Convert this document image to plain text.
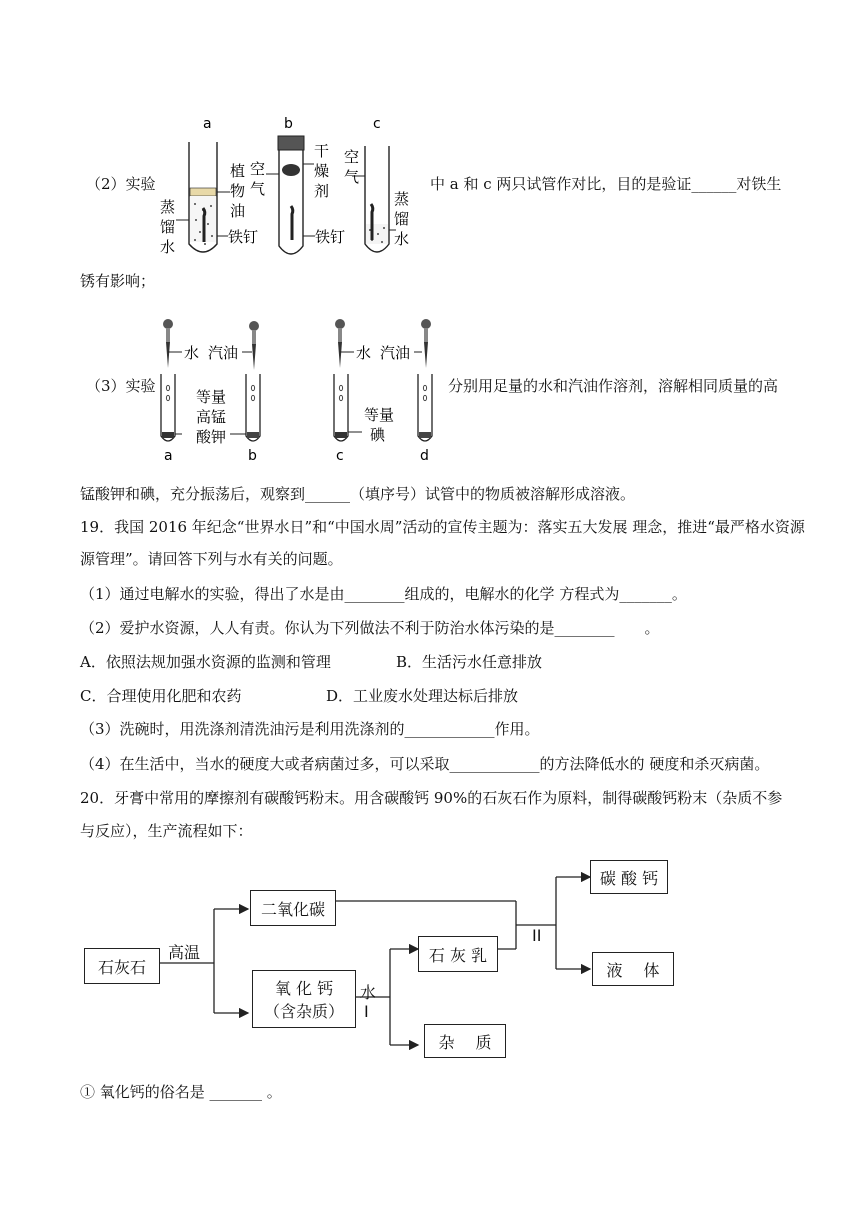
（2）实验
a
植
物
油
铁钉
蒸
馏
水
b
干
燥
剂
空
气
铁钉
c
空
气
蒸
馏
水
中 a 和 c 两只试管作对比，目的是验证______对铁生
锈有影响；
（3）实验
水 汽油
等量
高锰
酸钾
a	b
水 汽油
等量
碘
c	d
分别用足量的水和汽油作溶剂，溶解相同质量的高
锰酸钾和碘，充分振荡后，观察到______（填序号）试管中的物质被溶解形成溶液。
19．我国 2016 年纪念“世界水日”和“中国水周”活动的宣传主题为：落实五大发展 理念，推进“最严格水资源
源管理”。请回答下列与水有关的问题。
（1）通过电解水的实验，得出了水是由________组成的，电解水的化学 方程式为_______。
（2）爱护水资源，人人有责。你认为下列做法不利于防治水体污染的是________　　。
A．依照法规加强水资源的监测和管理	B．生活污水任意排放
C．合理使用化肥和农药	D．工业废水处理达标后排放
（3）洗碗时，用洗涤剂清洗油污是利用洗涤剂的____________作用。
（4）在生活中，当水的硬度大或者病菌过多，可以采取____________的方法降低水的 硬度和杀灭病菌。
20．牙膏中常用的摩擦剂有碳酸钙粉末。用含碳酸钙 90%的石灰石作为原料，制得碳酸钙粉末（杂质不参
与反应），生产流程如下：
石灰石
高温
二氧化碳
氧 化 钙
（含杂质）
水
I
石 灰 乳
杂　 质
II
碳 酸 钙
液　 体
① 氧化钙的俗名是 _______ 。
